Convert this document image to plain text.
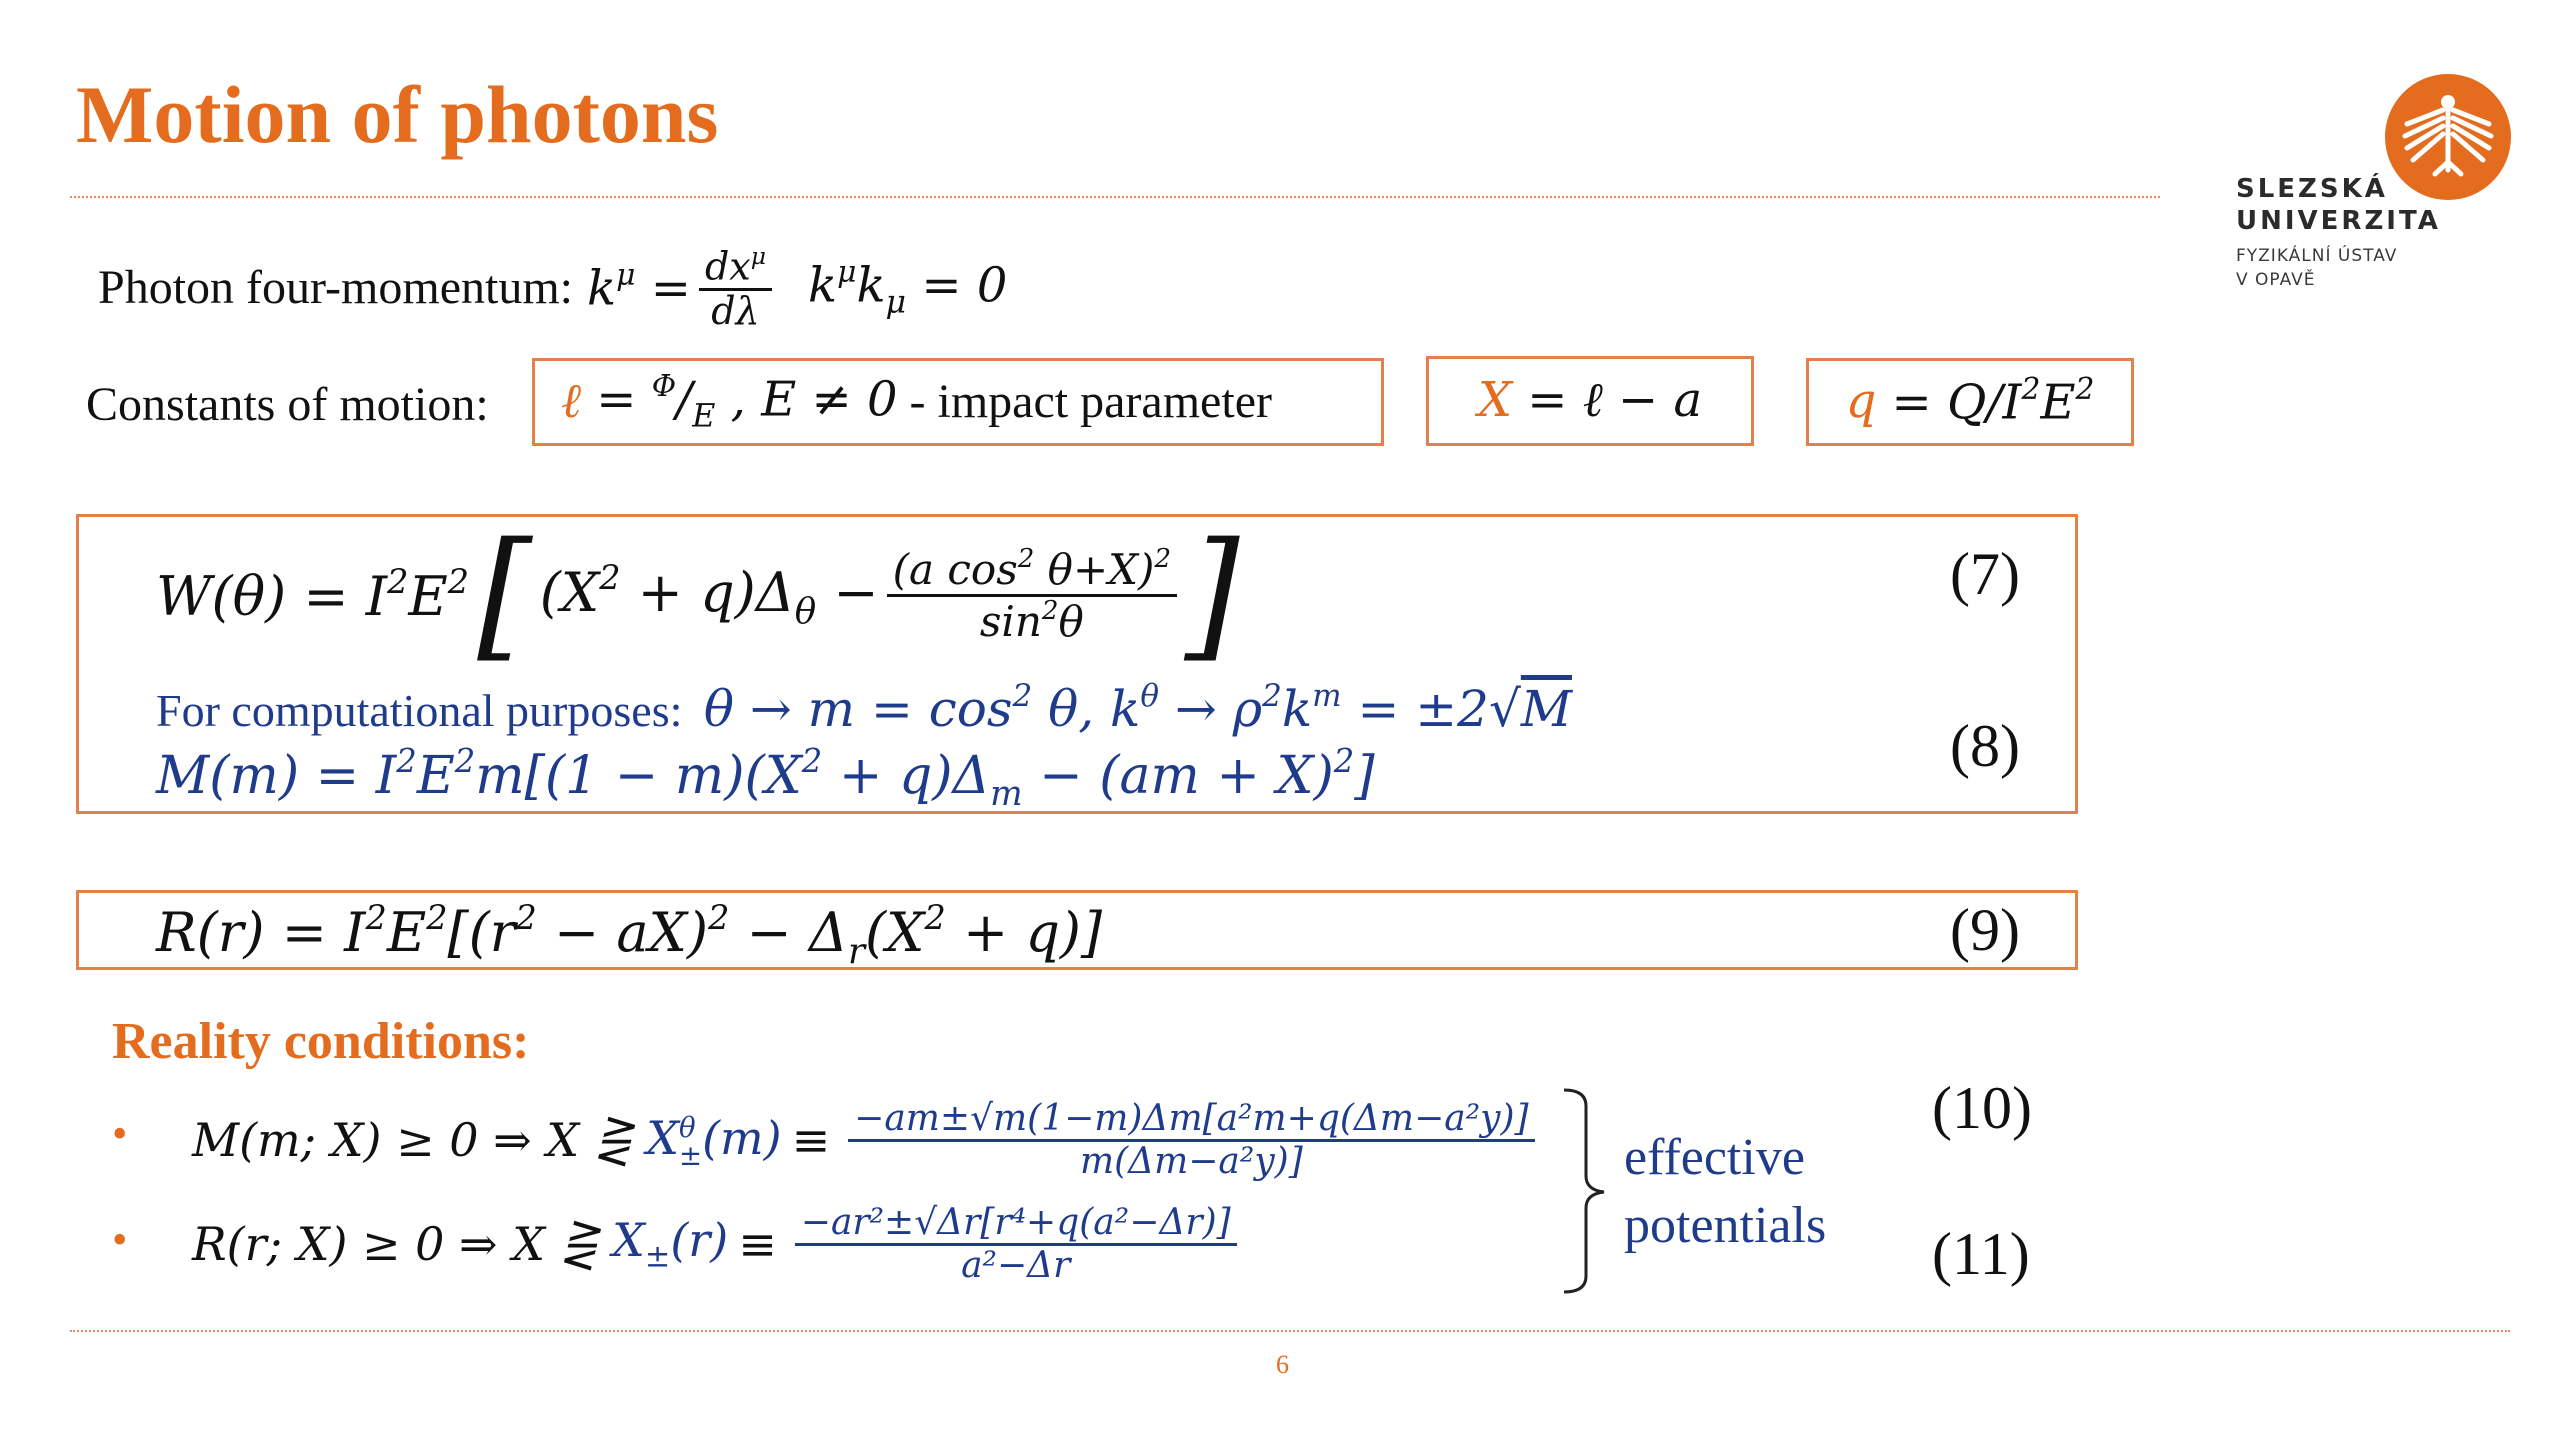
Motion of photons
SLEZSKÁ
UNIVERZITA
FYZIKÁLNÍ ÚSTAV
V OPAVĚ
Photon four-momentum: $k^\mu = \frac{dx^\mu}{d\lambda} k^\mu k_\mu = 0$
Constants of motion: ℓ = $^\Phi/_E$ , E ≠ 0 - impact parameter	X = ℓ − a	$q = Q/I^2E^2$
$W(\theta) = I^2E^2$ [ $(X^2 + q)\Delta_\theta - \frac{(a \cos^2 \theta+X)^2}{\sin^2\theta}$ ]	(7)
For computational purposes: $\theta \to m = \cos^2 \theta$, $k^\theta \to \rho^2k^m = \pm 2√M$
$M(m) = I^2E^2m[(1 - m)(X^2 + q)\Delta_m - (am + X)^2]$	(8)
$R(r) = I^2E^2[(r^2 - aX)^2 - \Delta_r(X^2 + q)]$	(9)
Reality conditions:
• M(m; X) ≥ 0 ⇒ X ⋛ X θ
± $(m) \equiv \frac{\text{−am±√m(1−m)Δm[a²m+q(Δm−a²y)]}}{\text{m(Δm−a²y)]}}$
• R(r; X) ≥ 0 ⇒ X ⋛ $X_\pm(r) \equiv \frac{\text{−ar²±√Δr[r⁴+q(a²−Δr)]}}{\text{a²−Δr}}$
effective
potentials
(10)
(11)
6
